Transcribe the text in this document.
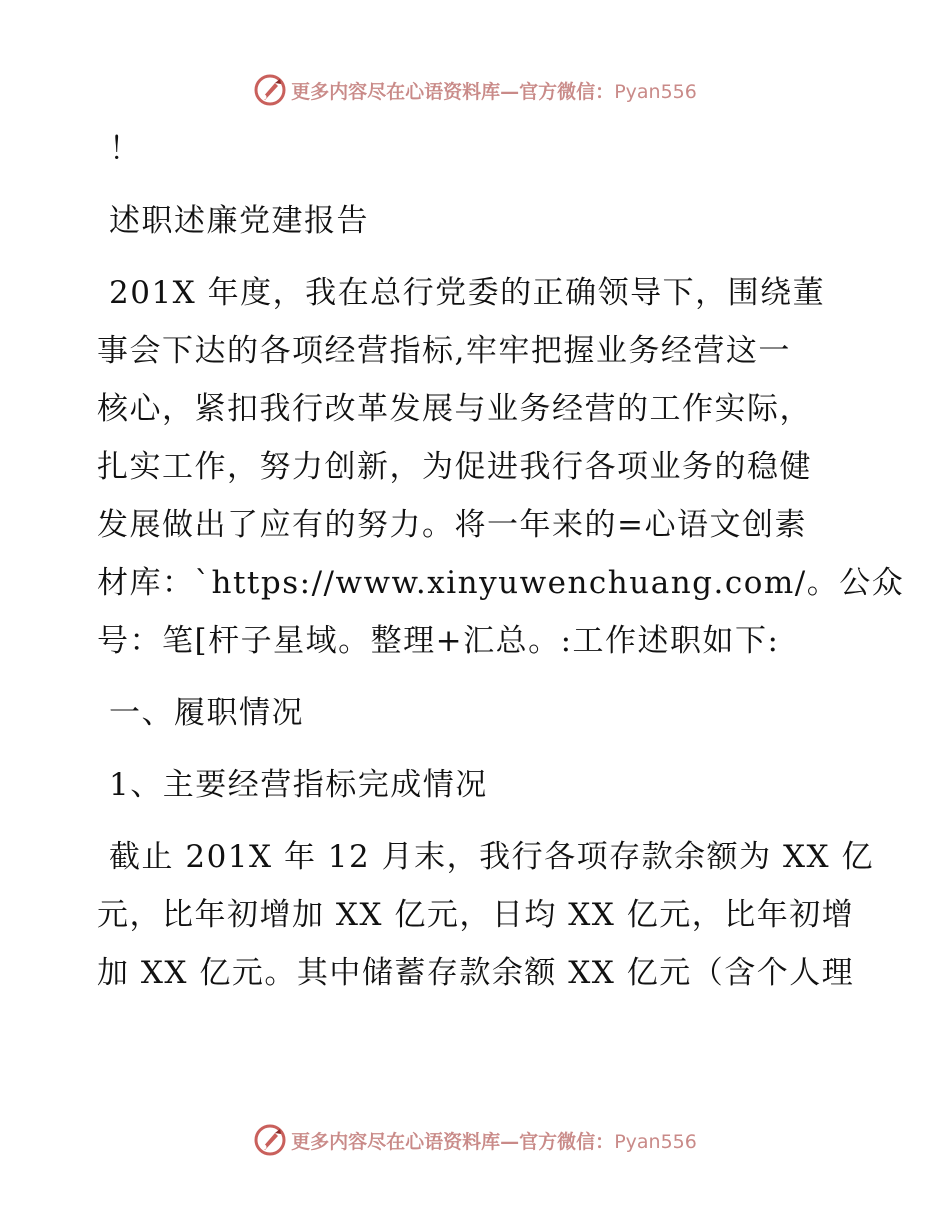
更多内容尽在心语资料库—官方微信：Pyan556
！
述职述廉党建报告
201X 年度，我在总行党委的正确领导下，围绕董
事会下达的各项经营指标,牢牢把握业务经营这一
核心，紧扣我行改革发展与业务经营的工作实际，
扎实工作，努力创新，为促进我行各项业务的稳健
发展做出了应有的努力。将一年来的=心语文创素
材库：`https://www.xinyuwenchuang.com/。公众
号：笔[杆子星域。整理+汇总。:工作述职如下:
一、履职情况
1、主要经营指标完成情况
截止 201X 年 12 月末，我行各项存款余额为 XX 亿
元，比年初增加 XX 亿元，日均 XX 亿元，比年初增
加 XX 亿元。其中储蓄存款余额 XX 亿元（含个人理
更多内容尽在心语资料库—官方微信：Pyan556
